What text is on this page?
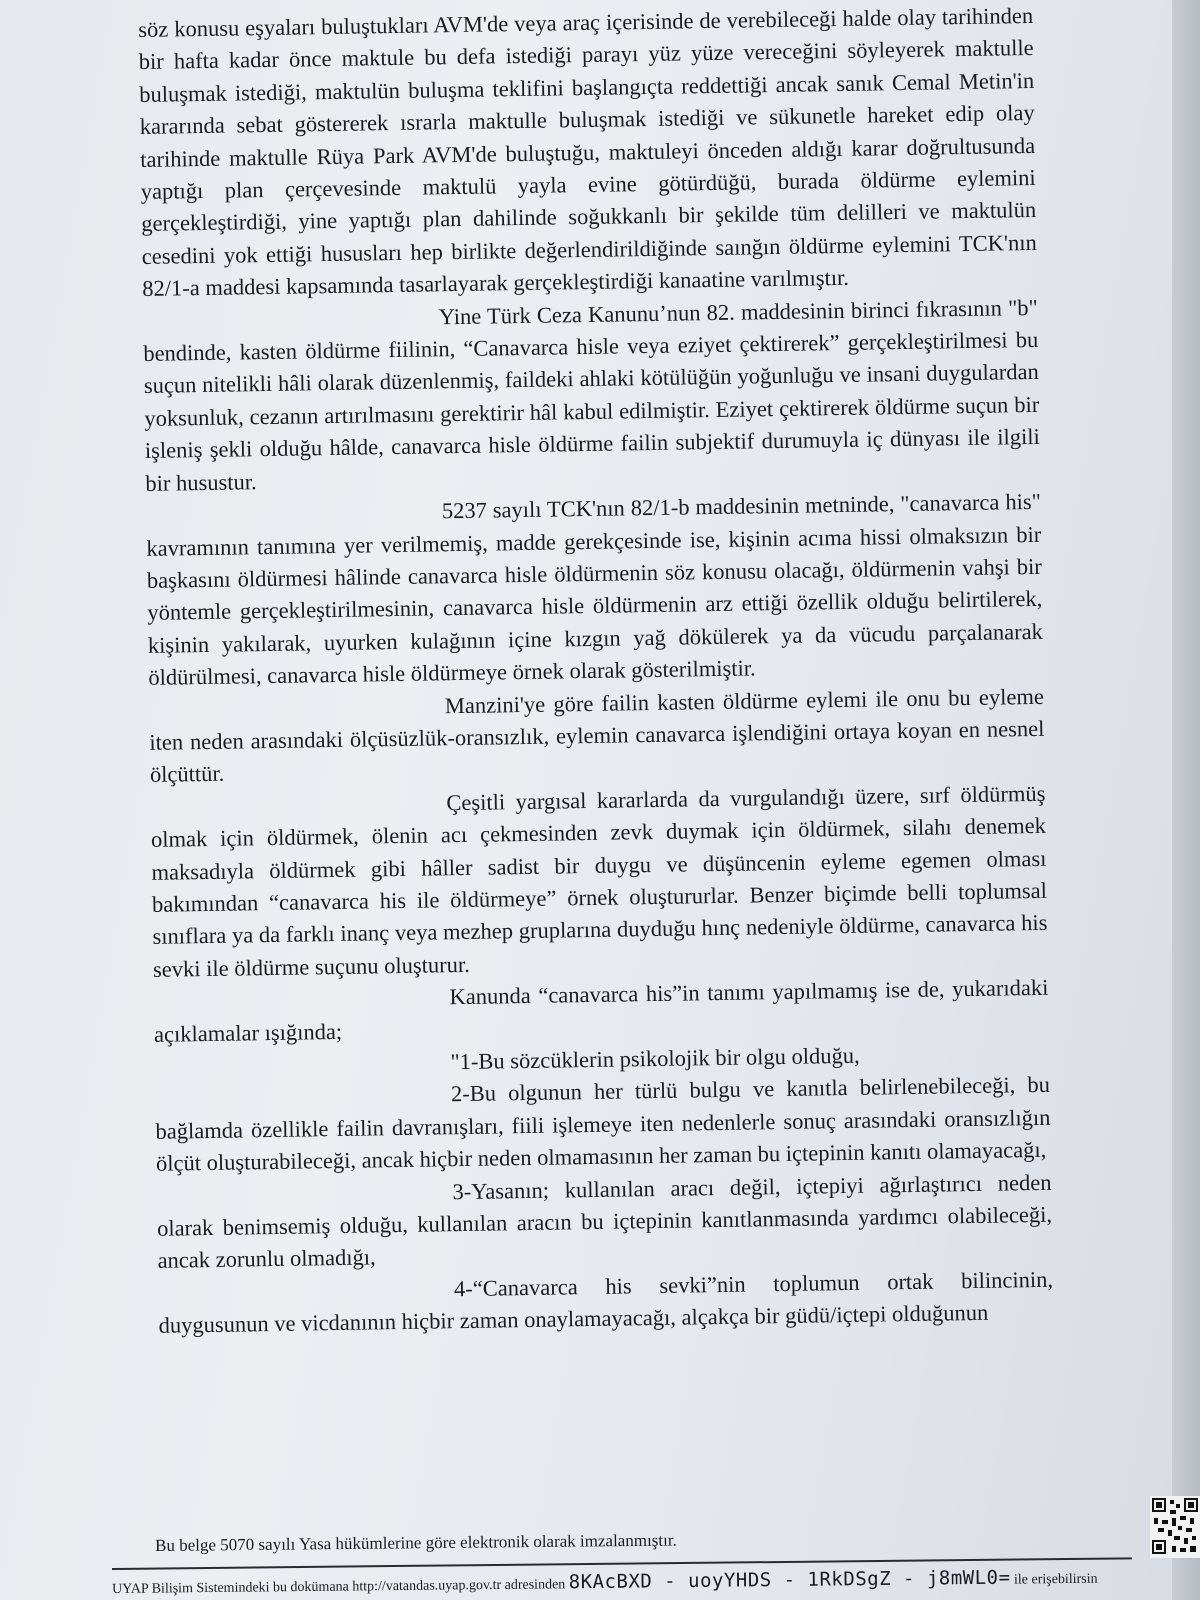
söz konusu eşyaları buluştukları AVM'de veya araç içerisinde de verebileceği halde olay tarihinden bir hafta kadar önce maktule bu defa istediği parayı yüz yüze vereceğini söyleyerek maktulle buluşmak istediği, maktulün buluşma teklifini başlangıçta reddettiği ancak sanık Cemal Metin'in kararında sebat göstererek ısrarla maktulle buluşmak istediği ve sükunetle hareket edip olay tarihinde maktulle Rüya Park AVM'de buluştuğu, maktuleyi önceden aldığı karar doğrultusunda yaptığı plan çerçevesinde maktulü yayla evine götürdüğü, burada öldürme eylemini gerçekleştirdiği, yine yaptığı plan dahilinde soğukkanlı bir şekilde tüm delilleri ve maktulün cesedini yok ettiği hususları hep birlikte değerlendirildiğinde saınğın öldürme eylemini TCK'nın 82/1-a maddesi kapsamında tasarlayarak gerçekleştirdiği kanaatine varılmıştır.

Yine Türk Ceza Kanunu’nun 82. maddesinin birinci fıkrasının "b" bendinde, kasten öldürme fiilinin, “Canavarca hisle veya eziyet çektirerek” gerçekleştirilmesi bu suçun nitelikli hâli olarak düzenlenmiş, faildeki ahlaki kötülüğün yoğunluğu ve insani duygulardan yoksunluk, cezanın artırılmasını gerektirir hâl kabul edilmiştir. Eziyet çektirerek öldürme suçun bir işleniş şekli olduğu hâlde, canavarca hisle öldürme failin subjektif durumuyla iç dünyası ile ilgili bir husustur.

5237 sayılı TCK'nın 82/1-b maddesinin metninde, "canavarca his" kavramının tanımına yer verilmemiş, madde gerekçesinde ise, kişinin acıma hissi olmaksızın bir başkasını öldürmesi hâlinde canavarca hisle öldürmenin söz konusu olacağı, öldürmenin vahşi bir yöntemle gerçekleştirilmesinin, canavarca hisle öldürmenin arz ettiği özellik olduğu belirtilerek, kişinin yakılarak, uyurken kulağının içine kızgın yağ dökülerek ya da vücudu parçalanarak öldürülmesi, canavarca hisle öldürmeye örnek olarak gösterilmiştir.

Manzini'ye göre failin kasten öldürme eylemi ile onu bu eyleme iten neden arasındaki ölçüsüzlük-oransızlık, eylemin canavarca işlendiğini ortaya koyan en nesnel ölçüttür.

Çeşitli yargısal kararlarda da vurgulandığı üzere, sırf öldürmüş olmak için öldürmek, ölenin acı çekmesinden zevk duymak için öldürmek, silahı denemek maksadıyla öldürmek gibi hâller sadist bir duygu ve düşüncenin eyleme egemen olması bakımından “canavarca his ile öldürmeye” örnek oluştururlar. Benzer biçimde belli toplumsal sınıflara ya da farklı inanç veya mezhep gruplarına duyduğu hınç nedeniyle öldürme, canavarca his sevki ile öldürme suçunu oluşturur.

Kanunda “canavarca his”in tanımı yapılmamış ise de, yukarıdaki açıklamalar ışığında;

"1-Bu sözcüklerin psikolojik bir olgu olduğu,

2-Bu olgunun her türlü bulgu ve kanıtla belirlenebileceği, bu bağlamda özellikle failin davranışları, fiili işlemeye iten nedenlerle sonuç arasındaki oransızlığın ölçüt oluşturabileceği, ancak hiçbir neden olmamasının her zaman bu içtepinin kanıtı olamayacağı,

3-Yasanın; kullanılan aracı değil, içtepiyi ağırlaştırıcı neden olarak benimsemiş olduğu, kullanılan aracın bu içtepinin kanıtlanmasında yardımcı olabileceği, ancak zorunlu olmadığı,

4-“Canavarca his sevki”nin toplumun ortak bilincinin, duygusunun ve vicdanının hiçbir zaman onaylamayacağı, alçakça bir güdü/içtepi olduğunun

Bu belge 5070 sayılı Yasa hükümlerine göre elektronik olarak imzalanmıştır.
UYAP Bilişim Sistemindeki bu dokümana http://vatandas.uyap.gov.tr adresinden 8KAcBXD - uoyYHDS - 1RkDSgZ - j8mWL0= ile erişebilirsin
